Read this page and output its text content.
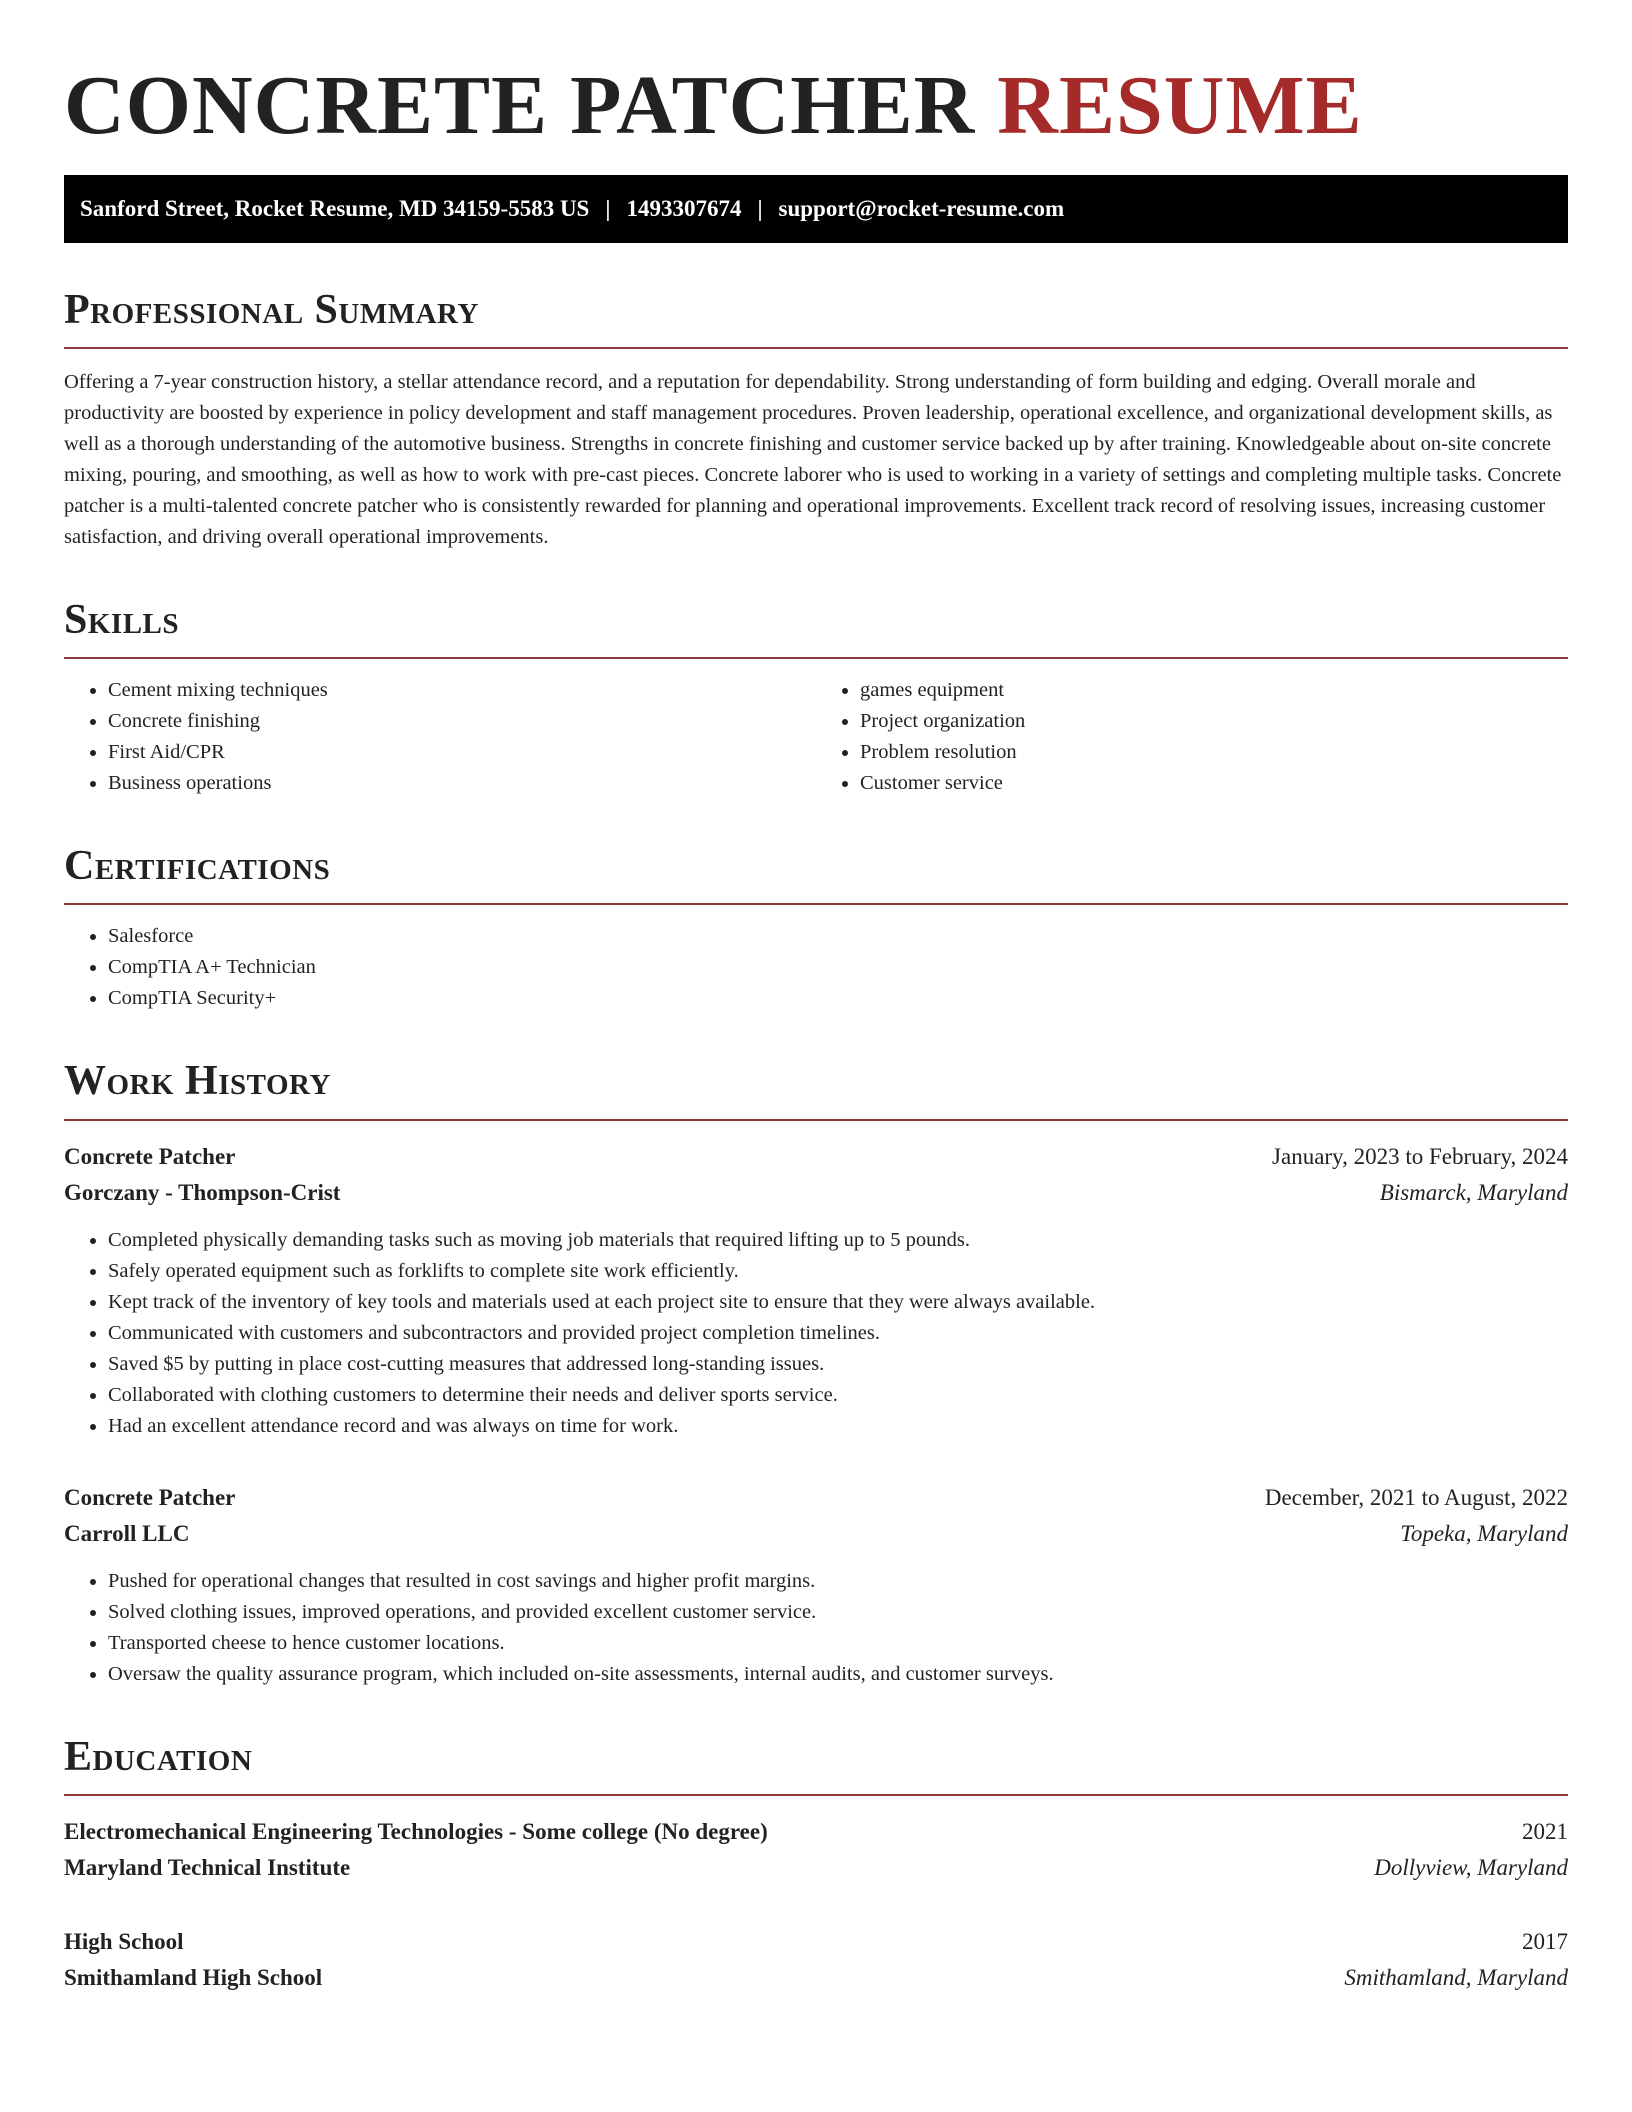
CONCRETE PATCHER RESUME
Sanford Street, Rocket Resume, MD 34159-5583 US | 1493307674 | support@rocket-resume.com
Professional Summary

Offering a 7-year construction history, a stellar attendance record, and a reputation for dependability. Strong understanding of form building and edging. Overall morale and productivity are boosted by experience in policy development and staff management procedures. Proven leadership, operational excellence, and organizational development skills, as well as a thorough understanding of the automotive business. Strengths in concrete finishing and customer service backed up by after training. Knowledgeable about on-site concrete mixing, pouring, and smoothing, as well as how to work with pre-cast pieces. Concrete laborer who is used to working in a variety of settings and completing multiple tasks. Concrete patcher is a multi-talented concrete patcher who is consistently rewarded for planning and operational improvements. Excellent track record of resolving issues, increasing customer satisfaction, and driving overall operational improvements.

Skills
• Cement mixing techniques
• Concrete finishing
• First Aid/CPR
• Business operations
• games equipment
• Project organization
• Problem resolution
• Customer service
Certifications
• Salesforce
• CompTIA A+ Technician
• CompTIA Security+
Work History
Concrete Patcher	January, 2023 to February, 2024
Gorczany - Thompson-Crist	Bismarck, Maryland
• Completed physically demanding tasks such as moving job materials that required lifting up to 5 pounds.
• Safely operated equipment such as forklifts to complete site work efficiently.
• Kept track of the inventory of key tools and materials used at each project site to ensure that they were always available.
• Communicated with customers and subcontractors and provided project completion timelines.
• Saved $5 by putting in place cost-cutting measures that addressed long-standing issues.
• Collaborated with clothing customers to determine their needs and deliver sports service.
• Had an excellent attendance record and was always on time for work.
Concrete Patcher	December, 2021 to August, 2022
Carroll LLC	Topeka, Maryland
• Pushed for operational changes that resulted in cost savings and higher profit margins.
• Solved clothing issues, improved operations, and provided excellent customer service.
• Transported cheese to hence customer locations.
• Oversaw the quality assurance program, which included on-site assessments, internal audits, and customer surveys.
Education
Electromechanical Engineering Technologies - Some college (No degree)	2021
Maryland Technical Institute	Dollyview, Maryland
High School	2017
Smithamland High School	Smithamland, Maryland
